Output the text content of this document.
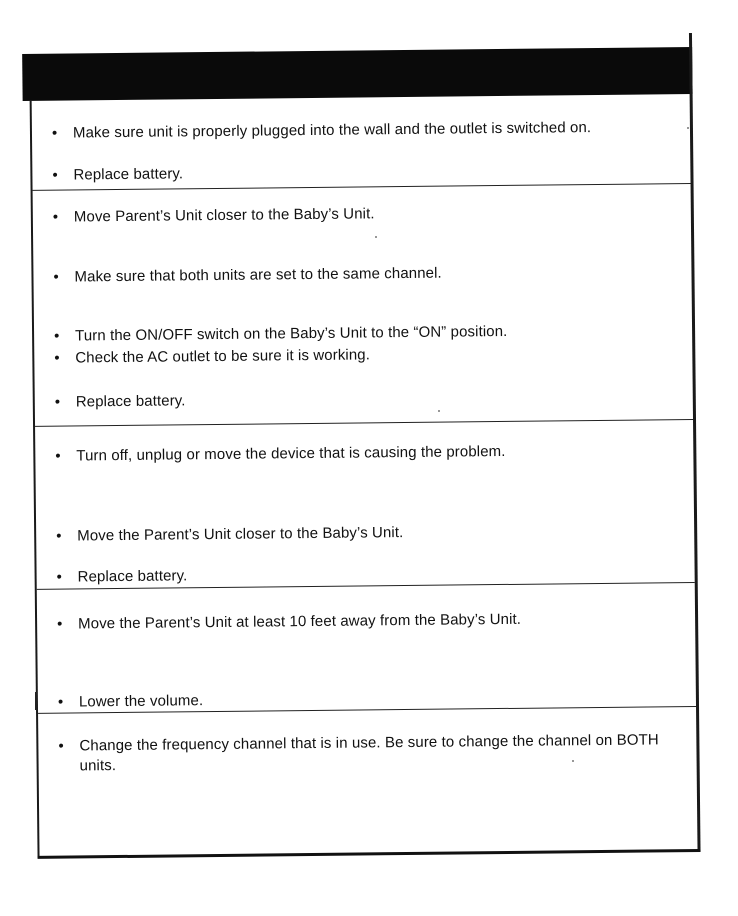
•	Make sure unit is properly plugged into the wall and the outlet is switched on.
•	Replace battery.
•	Move Parent’s Unit closer to the Baby’s Unit.
•	Make sure that both units are set to the same channel.
•	Turn the ON/OFF switch on the Baby’s Unit to the “ON” position.
•	Check the AC outlet to be sure it is working.
•	Replace battery.
•	Turn off, unplug or move the device that is causing the problem.
•	Move the Parent’s Unit closer to the Baby’s Unit.
•	Replace battery.
•	Move the Parent’s Unit at least 10 feet away from the Baby’s Unit.
•	Lower the volume.
•	Change the frequency channel that is in use. Be sure to change the channel on BOTH units.
